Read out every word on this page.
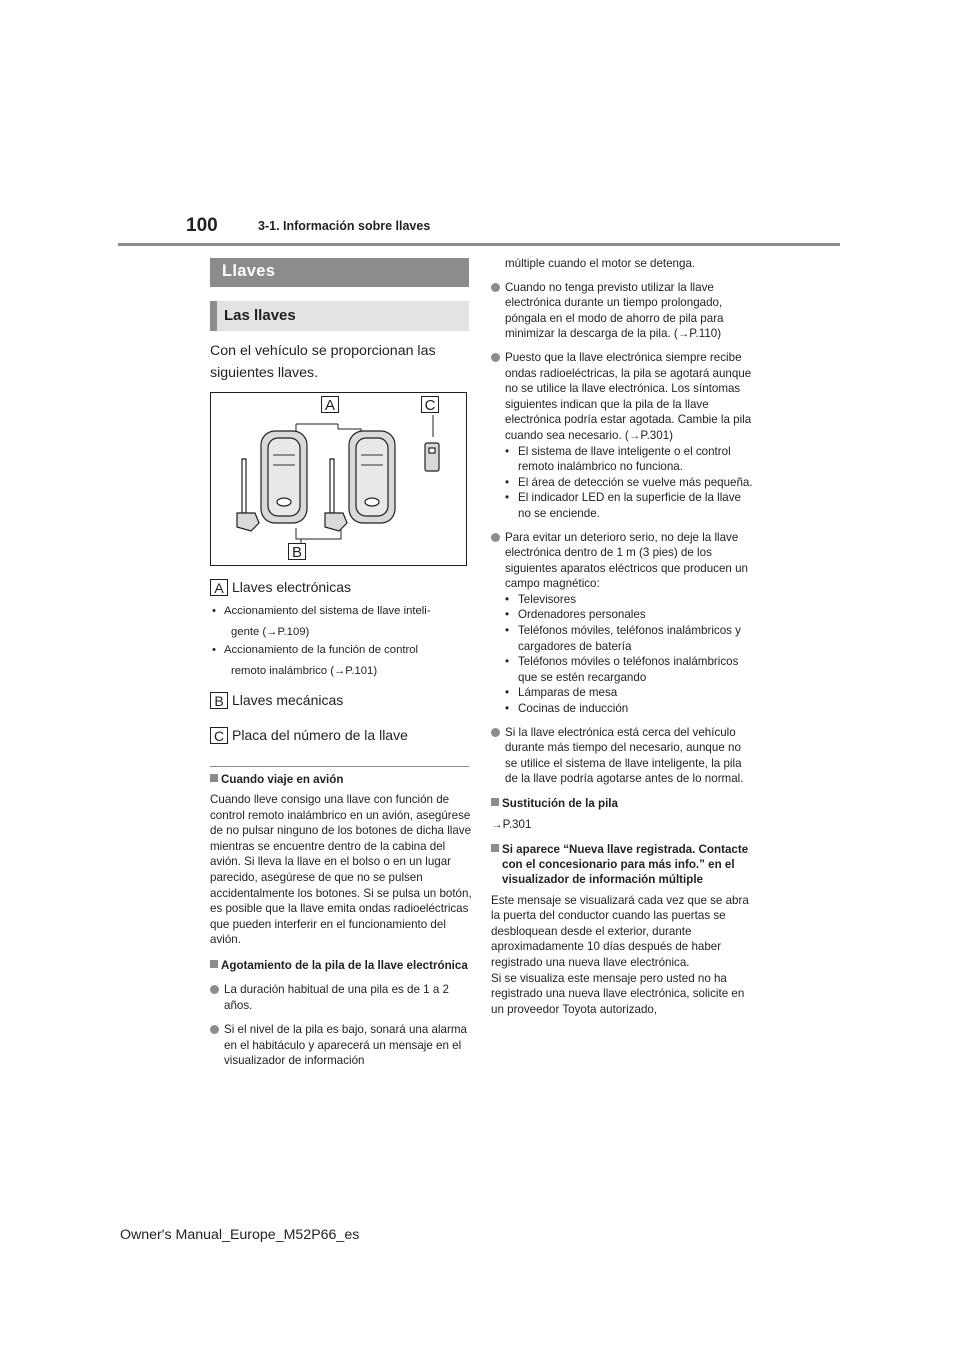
100	3-1. Información sobre llaves
Llaves
Las llaves
Con el vehículo se proporcionan las siguientes llaves.
A	C
B
A Llaves electrónicas
• Accionamiento del sistema de llave inteli-
gente (→P.109)
• Accionamiento de la función de control
remoto inalámbrico (→P.101)
B Llaves mecánicas
C Placa del número de la llave
Cuando viaje en avión
Cuando lleve consigo una llave con función de control remoto inalámbrico en un avión, asegúrese de no pulsar ninguno de los botones de dicha llave mientras se encuentre dentro de la cabina del avión. Si lleva la llave en el bolso o en un lugar parecido, asegúrese de que no se pulsen accidentalmente los botones. Si se pulsa un botón, es posible que la llave emita ondas radioeléctricas que pueden interferir en el funcionamiento del avión.
Agotamiento de la pila de la llave electrónica
La duración habitual de una pila es de 1 a 2 años.
Si el nivel de la pila es bajo, sonará una alarma en el habitáculo y aparecerá un mensaje en el visualizador de información
múltiple cuando el motor se detenga.
Cuando no tenga previsto utilizar la llave electrónica durante un tiempo prolongado, póngala en el modo de ahorro de pila para minimizar la descarga de la pila. (→P.110)
Puesto que la llave electrónica siempre recibe ondas radioeléctricas, la pila se agotará aunque no se utilice la llave electrónica. Los síntomas siguientes indican que la pila de la llave electrónica podría estar agotada. Cambie la pila cuando sea necesario. (→P.301)
• El sistema de llave inteligente o el control remoto inalámbrico no funciona.
• El área de detección se vuelve más pequeña.
• El indicador LED en la superficie de la llave no se enciende.
Para evitar un deterioro serio, no deje la llave electrónica dentro de 1 m (3 pies) de los siguientes aparatos eléctricos que producen un campo magnético:
• Televisores
• Ordenadores personales
• Teléfonos móviles, teléfonos inalámbricos y cargadores de batería
• Teléfonos móviles o teléfonos inalámbricos que se estén recargando
• Lámparas de mesa
• Cocinas de inducción
Si la llave electrónica está cerca del vehículo durante más tiempo del necesario, aunque no se utilice el sistema de llave inteligente, la pila de la llave podría agotarse antes de lo normal.
Sustitución de la pila
→P.301
Si aparece “Nueva llave registrada. Contacte con el concesionario para más info.” en el visualizador de información múltiple
Este mensaje se visualizará cada vez que se abra la puerta del conductor cuando las puertas se desbloquean desde el exterior, durante aproximadamente 10 días después de haber registrado una nueva llave electrónica.
Si se visualiza este mensaje pero usted no ha registrado una nueva llave electrónica, solicite en un proveedor Toyota autorizado,
Owner's Manual_Europe_M52P66_es
